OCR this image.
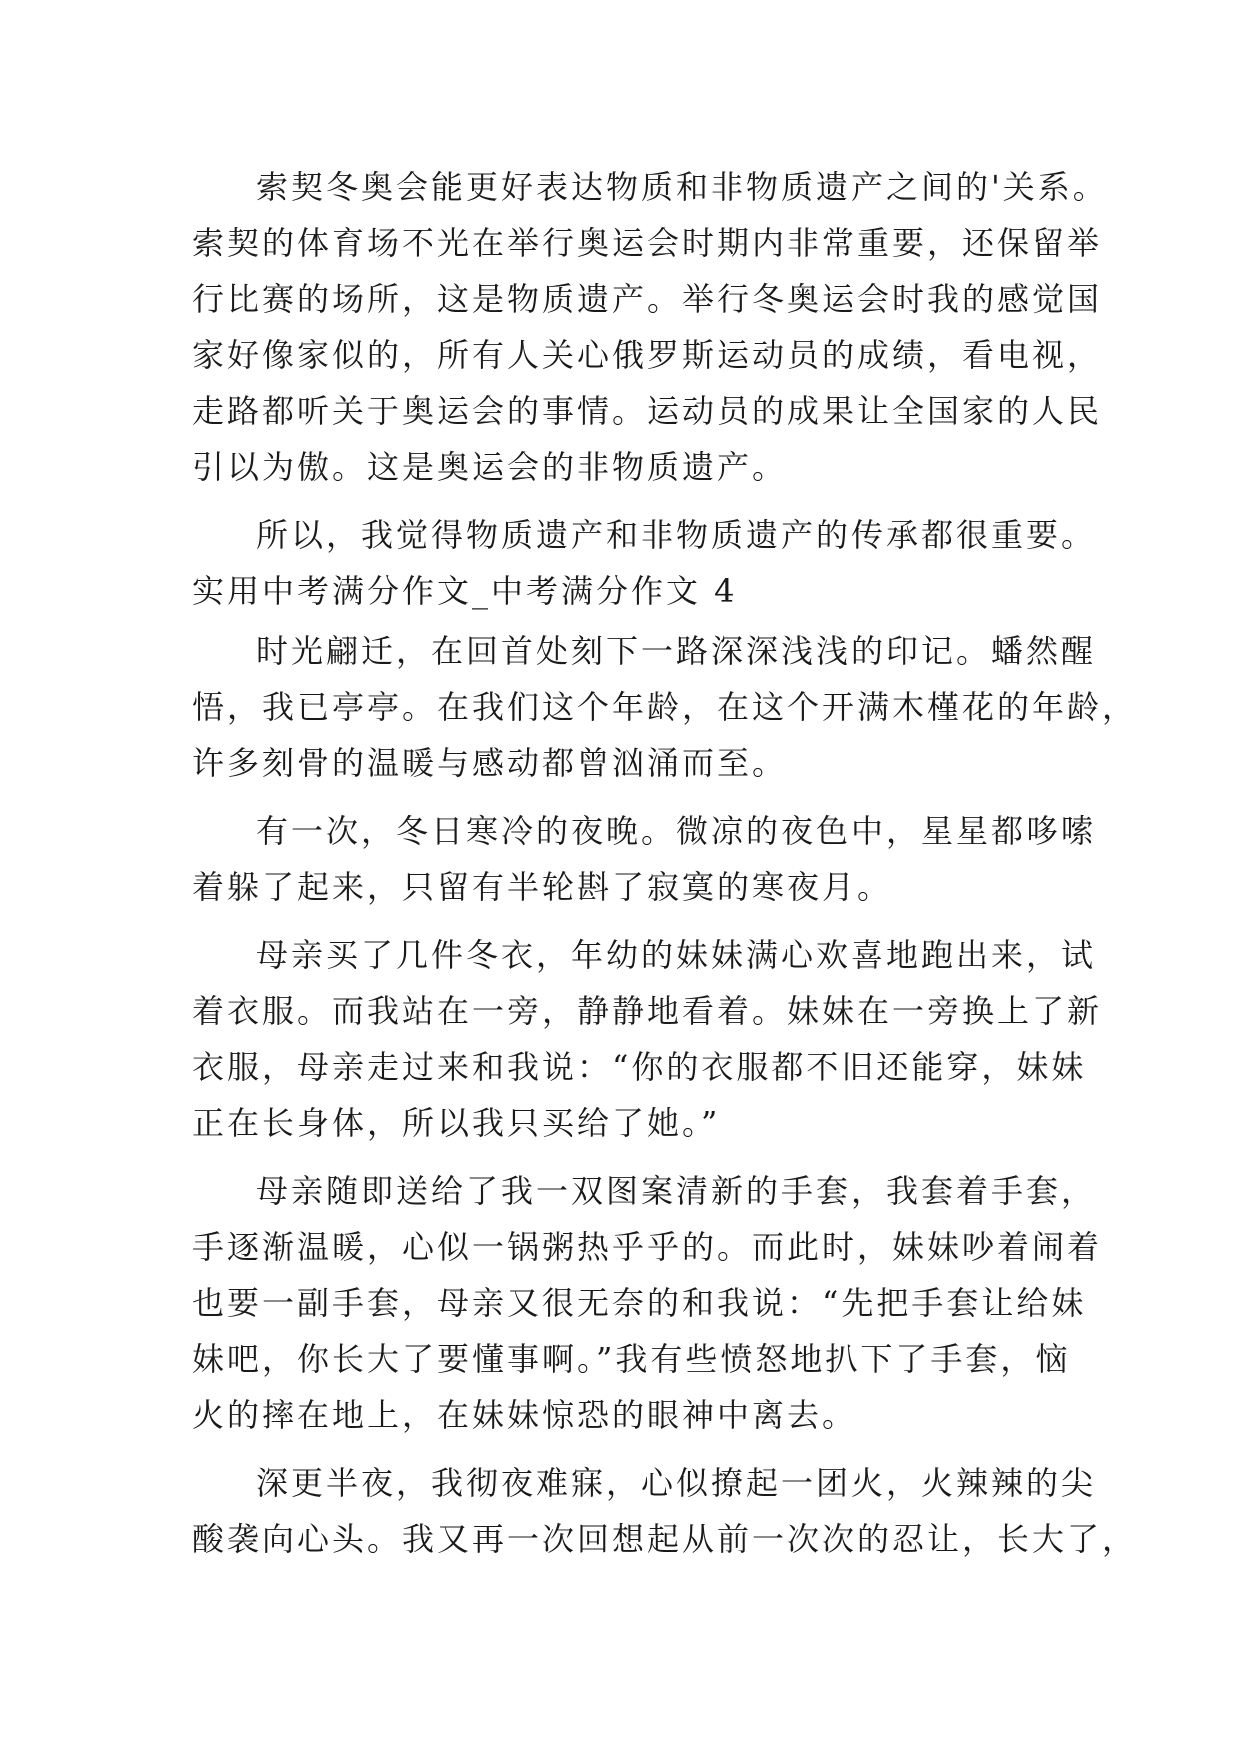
索契冬奥会能更好表达物质和非物质遗产之间的'关系。
索契的体育场不光在举行奥运会时期内非常重要，还保留举
行比赛的场所，这是物质遗产。举行冬奥运会时我的感觉国
家好像家似的，所有人关心俄罗斯运动员的成绩，看电视，
走路都听关于奥运会的事情。运动员的成果让全国家的人民
引以为傲。这是奥运会的非物质遗产。
所以，我觉得物质遗产和非物质遗产的传承都很重要。
实用中考满分作文_中考满分作文 4
时光翩迁，在回首处刻下一路深深浅浅的印记。蟠然醒
悟，我已亭亭。在我们这个年龄，在这个开满木槿花的年龄，
许多刻骨的温暖与感动都曾汹涌而至。
有一次，冬日寒冷的夜晚。微凉的夜色中，星星都哆嗦
着躲了起来，只留有半轮斟了寂寞的寒夜月。
母亲买了几件冬衣，年幼的妹妹满心欢喜地跑出来，试
着衣服。而我站在一旁，静静地看着。妹妹在一旁换上了新
衣服，母亲走过来和我说：“你的衣服都不旧还能穿，妹妹
正在长身体，所以我只买给了她。”
母亲随即送给了我一双图案清新的手套，我套着手套，
手逐渐温暖，心似一锅粥热乎乎的。而此时，妹妹吵着闹着
也要一副手套，母亲又很无奈的和我说：“先把手套让给妹
妹吧，你长大了要懂事啊。”我有些愤怒地扒下了手套，恼
火的摔在地上，在妹妹惊恐的眼神中离去。
深更半夜，我彻夜难寐，心似撩起一团火，火辣辣的尖
酸袭向心头。我又再一次回想起从前一次次的忍让，长大了，
